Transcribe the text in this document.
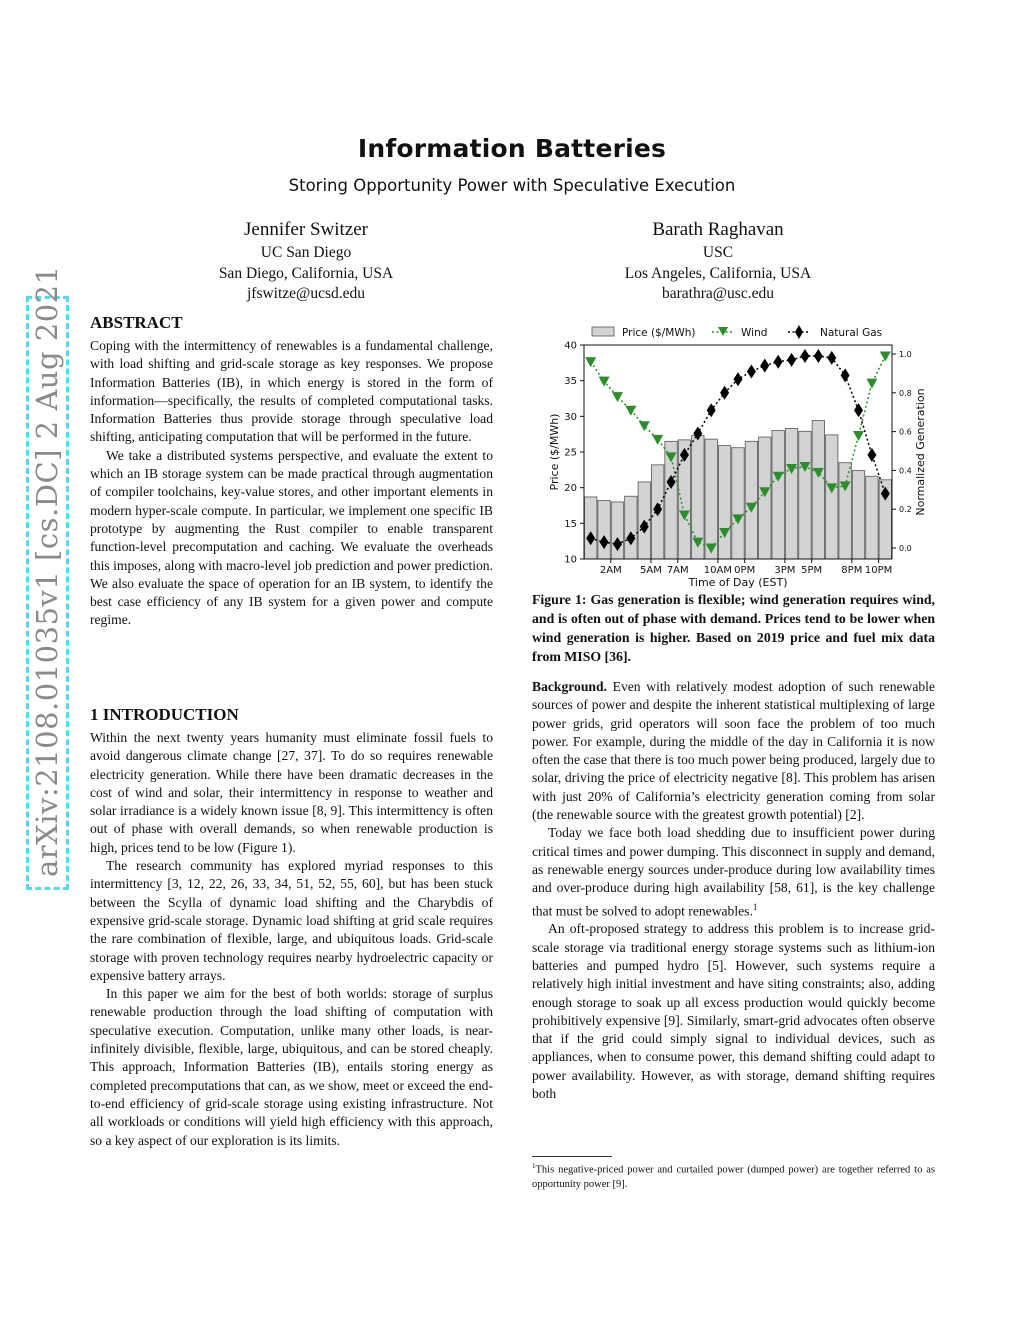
Information Batteries
Storing Opportunity Power with Speculative Execution
Jennifer Switzer
UC San Diego
San Diego, California, USA
jfswitze@ucsd.edu
Barath Raghavan
USC
Los Angeles, California, USA
barathra@usc.edu
arXiv:2108.01035v1 [cs.DC] 2 Aug 2021 ABSTRACT

Coping with the intermittency of renewables is a fundamental challenge, with load shifting and grid-scale storage as key responses. We propose Information Batteries (IB), in which energy is stored in the form of information—specifically, the results of completed computational tasks. Information Batteries thus provide storage through speculative load shifting, anticipating computation that will be performed in the future.

We take a distributed systems perspective, and evaluate the extent to which an IB storage system can be made practical through augmentation of compiler toolchains, key-value stores, and other important elements in modern hyper-scale compute. In particular, we implement one specific IB prototype by augmenting the Rust compiler to enable transparent function-level precomputation and caching. We evaluate the overheads this imposes, along with macro-level job prediction and power prediction. We also evaluate the space of operation for an IB system, to identify the best case efficiency of any IB system for a given power and compute regime.

1 INTRODUCTION

Within the next twenty years humanity must eliminate fossil fuels to avoid dangerous climate change [27, 37]. To do so requires renewable electricity generation. While there have been dramatic decreases in the cost of wind and solar, their intermittency in response to weather and solar irradiance is a widely known issue [8, 9]. This intermittency is often out of phase with overall demands, so when renewable production is high, prices tend to be low (Figure 1).

The research community has explored myriad responses to this intermittency [3, 12, 22, 26, 33, 34, 51, 52, 55, 60], but has been stuck between the Scylla of dynamic load shifting and the Charybdis of expensive grid-scale storage. Dynamic load shifting at grid scale requires the rare combination of flexible, large, and ubiquitous loads. Grid-scale storage with proven technology requires nearby hydroelectric capacity or expensive battery arrays.

In this paper we aim for the best of both worlds: storage of surplus renewable production through the load shifting of computation with speculative execution. Computation, unlike many other loads, is near-infinitely divisible, flexible, large, ubiquitous, and can be stored cheaply. This approach, Information Batteries (IB), entails storing energy as completed precomputations that can, as we show, meet or exceed the end-to-end efficiency of grid-scale storage using existing infrastructure. Not all workloads or conditions will yield high efficiency with this approach, so a key aspect of our exploration is its limits.

10
15
20
25
30
35
40
0.0
0.2
0.4
0.6
0.8
1.0
2AM 5AM 7AM 10AM 0PM 3PM 5PM 8PM 10PM
Time of Day (EST)
Price ($/MWh)	Normalized Generation
Price ($/MWh)	Wind	Natural Gas
Figure 1: Gas generation is flexible; wind generation requires wind, and is often out of phase with demand. Prices tend to be lower when wind generation is higher. Based on 2019 price and fuel mix data from MISO [36].

Background. Even with relatively modest adoption of such renewable sources of power and despite the inherent statistical multiplexing of large power grids, grid operators will soon face the problem of too much power. For example, during the middle of the day in California it is now often the case that there is too much power being produced, largely due to solar, driving the price of electricity negative [8]. This problem has arisen with just 20% of California’s electricity generation coming from solar (the renewable source with the greatest growth potential) [2].

Today we face both load shedding due to insufficient power during critical times and power dumping. This disconnect in supply and demand, as renewable energy sources under-produce during low availability times and over-produce during high availability [58, 61], is the key challenge that must be solved to adopt renewables.$^1$

An oft-proposed strategy to address this problem is to increase grid-scale storage via traditional energy storage systems such as lithium-ion batteries and pumped hydro [5]. However, such systems require a relatively high initial investment and have siting constraints; also, adding enough storage to soak up all excess production would quickly become prohibitively expensive [9]. Similarly, smart-grid advocates often observe that if the grid could simply signal to individual devices, such as appliances, when to consume power, this demand shifting could adapt to power availability. However, as with storage, demand shifting requires both

$^1$This negative-priced power and curtailed power (dumped power) are together referred to as opportunity power [9].
